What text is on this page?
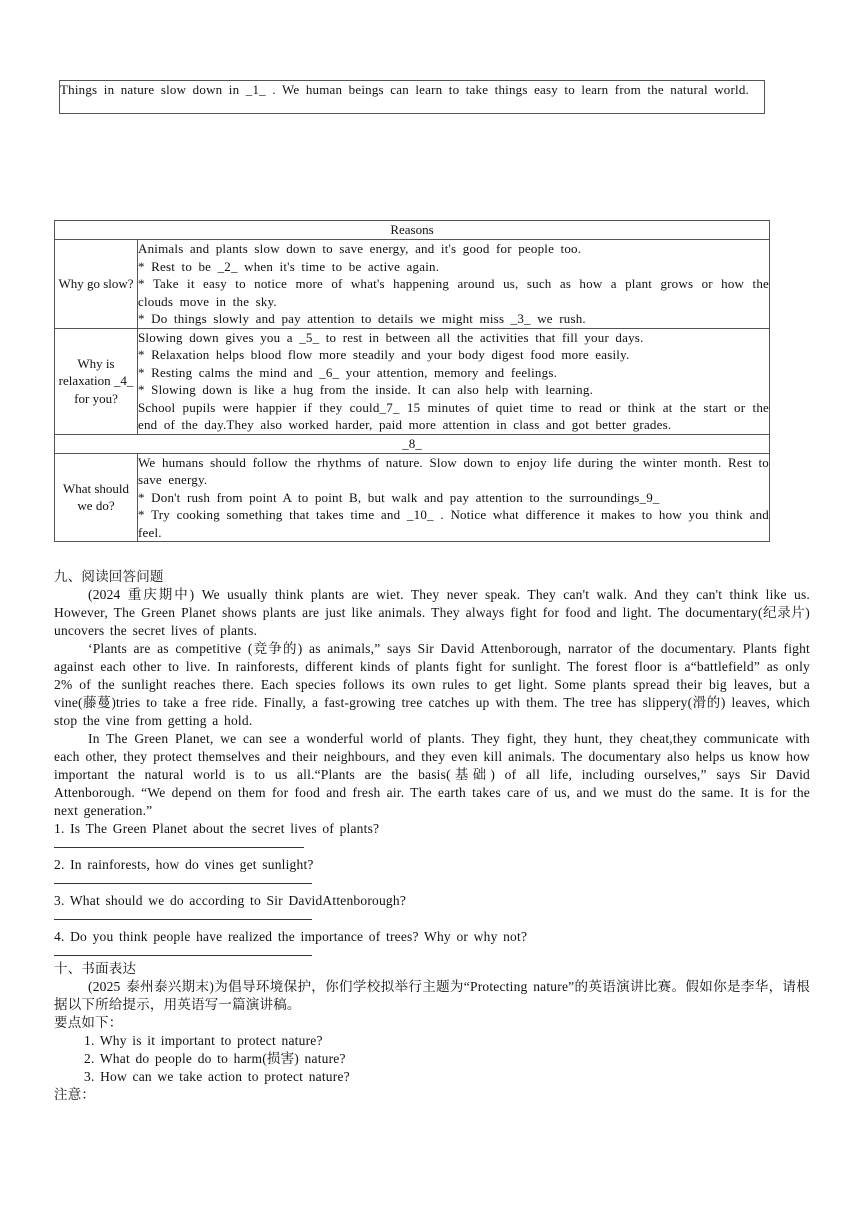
Things in nature slow down in _1_ . We human beings can learn to take things easy to learn from the natural world.
Reasons	
Why go slow?	Animals and plants slow down to save energy, and it's good for people too.
* Rest to be _2_ when it's time to be active again.
* Take it easy to notice more of what's happening around us, such as how a plant grows or how the clouds move in the sky.
* Do things slowly and pay attention to details we might miss _3_ we rush.

Why is relaxation _4_ for you?	Slowing down gives you a _5_ to rest in between all the activities that fill your days.
* Relaxation helps blood flow more steadily and your body digest food more easily.
* Resting calms the mind and _6_ your attention, memory and feelings.
* Slowing down is like a hug from the inside. It can also help with learning.
School pupils were happier if they could_7_ 15 minutes of quiet time to read or think at the start or the end of the day.They also worked harder, paid more attention in class and got better grades.

_8_	
What should we do?	We humans should follow the rhythms of nature. Slow down to enjoy life during the winter month. Rest to save energy.
* Don't rush from point A to point B, but walk and pay attention to the surroundings_9_
* Try cooking something that takes time and _10_ . Notice what difference it makes to how you think and feel.
九、阅读回答问题

(2024 重庆期中) We usually think plants are wiet. They never speak. They can't walk. And they can't think like us. However, The Green Planet shows plants are just like animals. They always fight for food and light. The documentary(纪录片) uncovers the secret lives of plants.

‘Plants are as competitive (竞争的) as animals,” says Sir David Attenborough, narrator of the documentary. Plants fight against each other to live. In rainforests, different kinds of plants fight for sunlight. The forest floor is a“battlefield” as only 2% of the sunlight reaches there. Each species follows its own rules to get light. Some plants spread their big leaves, but a vine(藤蔓)tries to take a free ride. Finally, a fast-growing tree catches up with them. The tree has slippery(滑的) leaves, which stop the vine from getting a hold.

In The Green Planet, we can see a wonderful world of plants. They fight, they hunt, they cheat,they communicate with each other, they protect themselves and their neighbours, and they even kill animals. The documentary also helps us know how important the natural world is to us all.“Plants are the basis(基础) of all life, including ourselves,” says Sir David Attenborough. “We depend on them for food and fresh air. The earth takes care of us, and we must do the same. It is for the next generation.”

1. Is The Green Planet about the secret lives of plants?

2. In rainforests, how do vines get sunlight?

3. What should we do according to Sir DavidAttenborough?

4. Do you think people have realized the importance of trees? Why or why not?

十、书面表达

(2025 泰州泰兴期末)为倡导环境保护，你们学校拟举行主题为“Protecting nature”的英语演讲比赛。假如你是李华，请根据以下所给提示，用英语写一篇演讲稿。

要点如下：
1. Why is it important to protect nature?
2. What do people do to harm(损害) nature?
3. How can we take action to protect nature?
注意：
